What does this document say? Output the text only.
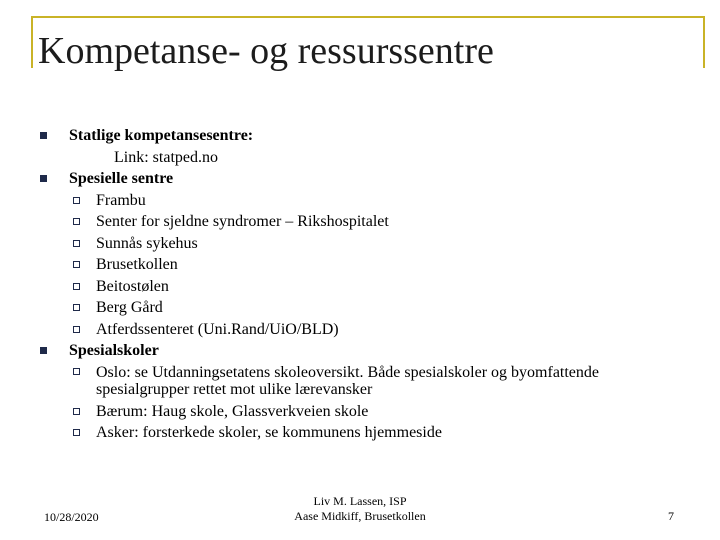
Kompetanse- og ressurssentre
Statlige kompetansesentre:
Link: statped.no
Spesielle sentre
Frambu
Senter for sjeldne syndromer – Rikshospitalet
Sunnås sykehus
Brusetkollen
Beitostølen
Berg Gård
Atferdssenteret (Uni.Rand/UiO/BLD)
Spesialskoler
Oslo: se Utdanningsetatens skoleoversikt. Både spesialskoler og byomfattende spesialgrupper rettet mot ulike lærevansker
Bærum: Haug skole, Glassverkveien skole
Asker: forsterkede skoler, se kommunens hjemmeside
10/28/2020
Liv M. Lassen, ISP
Aase Midkiff, Brusetkollen	7
